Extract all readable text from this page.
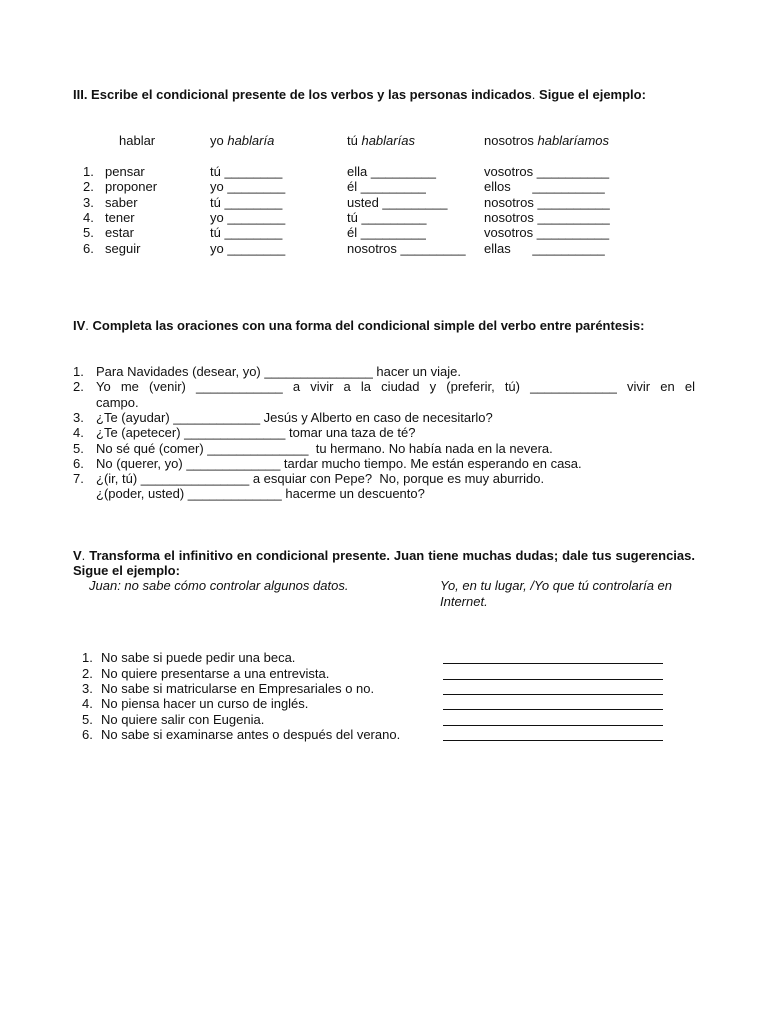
III. Escribe el condicional presente de los verbos y las personas indicados. Sigue el ejemplo:
hablar	yo hablaría	tú hablarías	nosotros hablaríamos
1. pensar	tú ________	ella _________	vosotros __________
2. proponer	yo ________	él _________	ellos      __________
3. saber	tú ________	usted _________	nosotros __________
4. tener	yo ________	tú _________	nosotros __________
5. estar	tú ________	él _________	vosotros __________
6. seguir	yo ________	nosotros _________ ellas      __________
IV. Completa las oraciones con una forma del condicional simple del verbo entre paréntesis:
1. Para Navidades (desear, yo) _______________ hacer un viaje.
2. Yo me (venir) ____________ a vivir a la ciudad y (preferir, tú) ____________ vivir en el
campo.
3. ¿Te (ayudar) ____________ Jesús y Alberto en caso de necesitarlo?
4. ¿Te (apetecer) ______________ tomar una taza de té?
5. No sé qué (comer) ______________  tu hermano. No había nada en la nevera.
6. No (querer, yo) _____________ tardar mucho tiempo. Me están esperando en casa.
7. ¿(ir, tú) _______________ a esquiar con Pepe?  No, porque es muy aburrido.
¿(poder, usted) _____________ hacerme un descuento?
V. Transforma el infinitivo en condicional presente. Juan tiene muchas dudas; dale tus sugerencias. Sigue el ejemplo:
Juan: no sabe cómo controlar algunos datos.	Yo, en tu lugar, /Yo que tú controlaría en
Internet.
1. No sabe si puede pedir una beca.
2. No quiere presentarse a una entrevista.
3. No sabe si matricularse en Empresariales o no.
4. No piensa hacer un curso de inglés.
5. No quiere salir con Eugenia.
6. No sabe si examinarse antes o después del verano.
